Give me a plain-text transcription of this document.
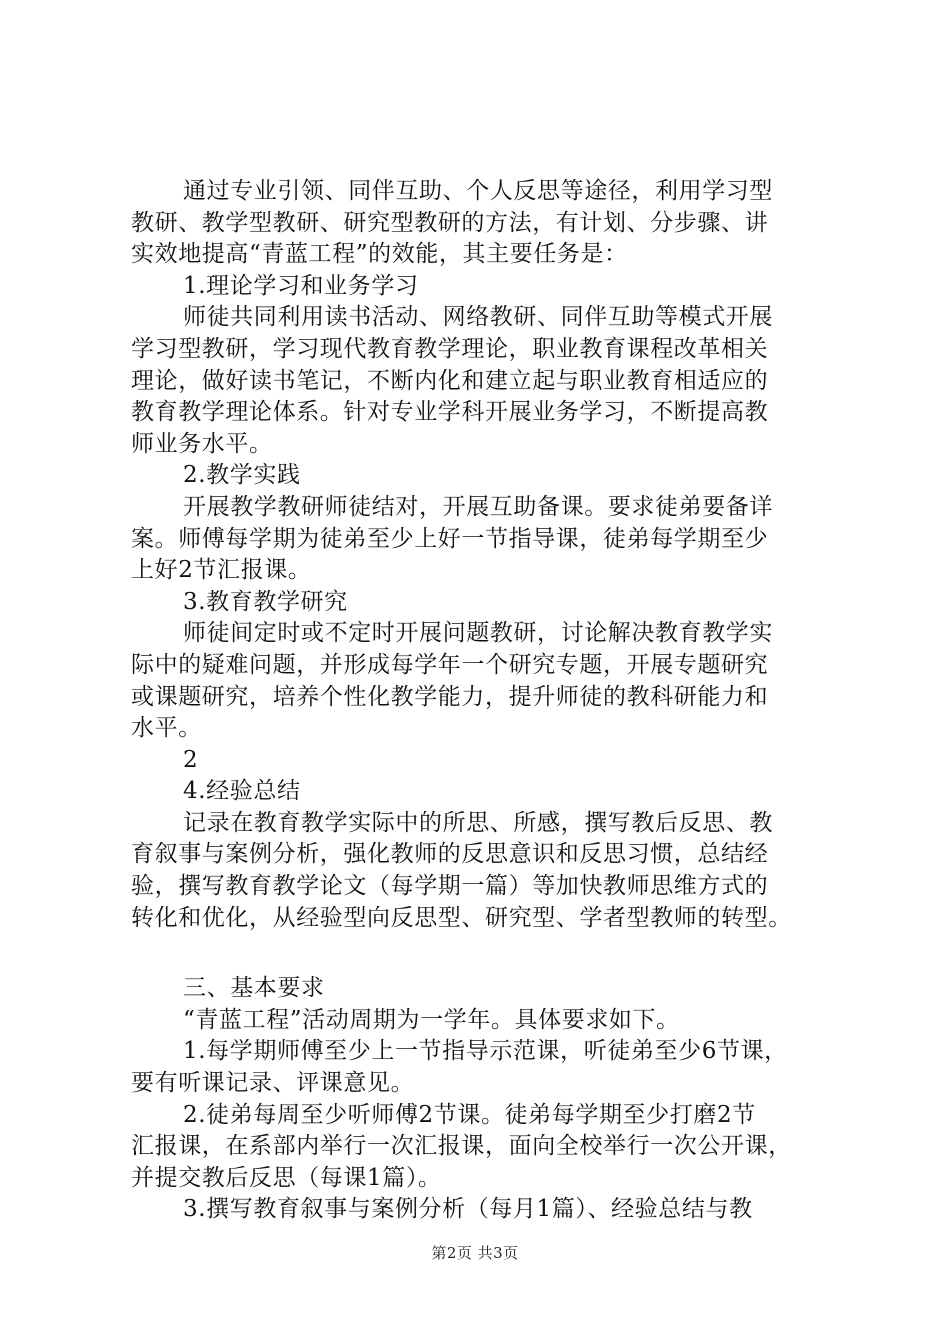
通过专业引领、同伴互助、个人反思等途径，利用学习型
教研、教学型教研、研究型教研的方法，有计划、分步骤、讲
实效地提高“青蓝工程”的效能，其主要任务是：
1.理论学习和业务学习
师徒共同利用读书活动、网络教研、同伴互助等模式开展
学习型教研，学习现代教育教学理论，职业教育课程改革相关
理论，做好读书笔记，不断内化和建立起与职业教育相适应的
教育教学理论体系。针对专业学科开展业务学习，不断提高教
师业务水平。
2.教学实践
开展教学教研师徒结对，开展互助备课。要求徒弟要备详
案。师傅每学期为徒弟至少上好一节指导课，徒弟每学期至少
上好2节汇报课。
3.教育教学研究
师徒间定时或不定时开展问题教研，讨论解决教育教学实
际中的疑难问题，并形成每学年一个研究专题，开展专题研究
或课题研究，培养个性化教学能力，提升师徒的教科研能力和
水平。
2
4.经验总结
记录在教育教学实际中的所思、所感，撰写教后反思、教
育叙事与案例分析，强化教师的反思意识和反思习惯，总结经
验，撰写教育教学论文（每学期一篇）等加快教师思维方式的
转化和优化，从经验型向反思型、研究型、学者型教师的转型。
三、基本要求
“青蓝工程”活动周期为一学年。具体要求如下。
1.每学期师傅至少上一节指导示范课，听徒弟至少6节课，
要有听课记录、评课意见。
2.徒弟每周至少听师傅2节课。徒弟每学期至少打磨2节
汇报课，在系部内举行一次汇报课，面向全校举行一次公开课，
并提交教后反思（每课1篇）。
3.撰写教育叙事与案例分析（每月1篇）、经验总结与教
第2页 共3页
